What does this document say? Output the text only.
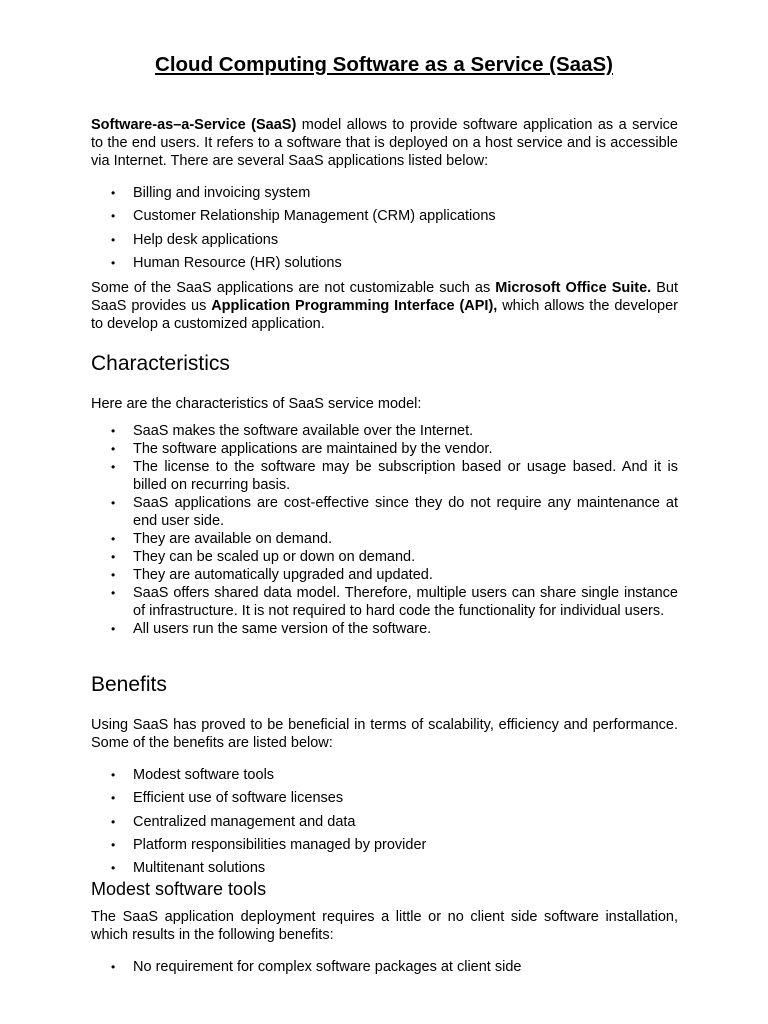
Cloud Computing Software as a Service (SaaS)

Software-as–a-Service (SaaS) model allows to provide software application as a service to the end users. It refers to a software that is deployed on a host service and is accessible via Internet. There are several SaaS applications listed below:

• Billing and invoicing system
• Customer Relationship Management (CRM) applications
• Help desk applications
• Human Resource (HR) solutions

Some of the SaaS applications are not customizable such as Microsoft Office Suite. But SaaS provides us Application Programming Interface (API), which allows the developer to develop a customized application.

Characteristics

Here are the characteristics of SaaS service model:

• SaaS makes the software available over the Internet.
• The software applications are maintained by the vendor.
• The license to the software may be subscription based or usage based. And it is billed on recurring basis.
• SaaS applications are cost-effective since they do not require any maintenance at end user side.
• They are available on demand.
• They can be scaled up or down on demand.
• They are automatically upgraded and updated.
• SaaS offers shared data model. Therefore, multiple users can share single instance of infrastructure. It is not required to hard code the functionality for individual users.
• All users run the same version of the software.
Benefits

Using SaaS has proved to be beneficial in terms of scalability, efficiency and performance. Some of the benefits are listed below:

• Modest software tools
• Efficient use of software licenses
• Centralized management and data
• Platform responsibilities managed by provider
• Multitenant solutions
Modest software tools

The SaaS application deployment requires a little or no client side software installation, which results in the following benefits:

• No requirement for complex software packages at client side
